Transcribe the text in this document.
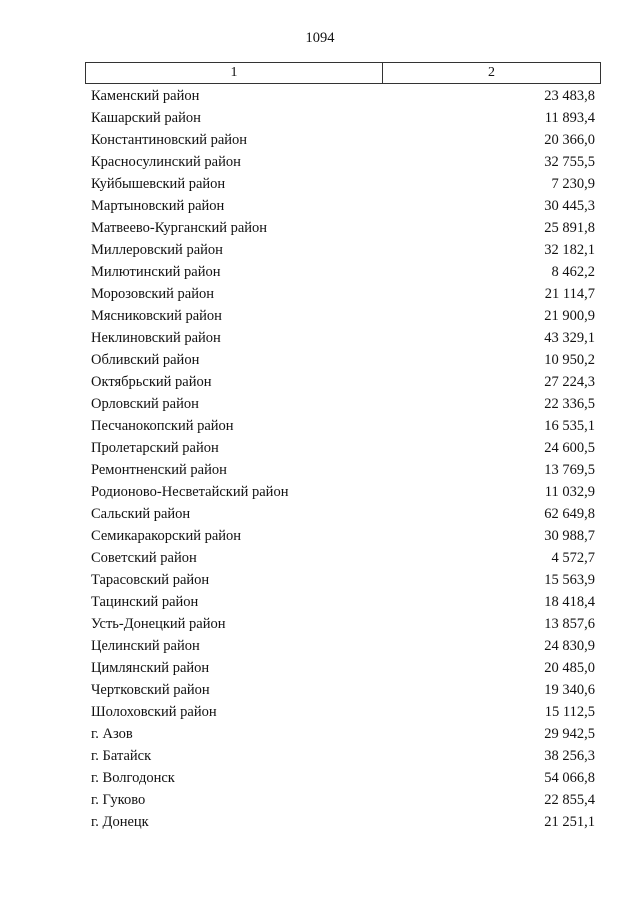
1094
1	2
Каменский район	23 483,8
Кашарский район	11 893,4
Константиновский район	20 366,0
Красносулинский район	32 755,5
Куйбышевский район	7 230,9
Мартыновский район	30 445,3
Матвеево-Курганский район	25 891,8
Миллеровский район	32 182,1
Милютинский район	8 462,2
Морозовский район	21 114,7
Мясниковский район	21 900,9
Неклиновский район	43 329,1
Обливский район	10 950,2
Октябрьский район	27 224,3
Орловский район	22 336,5
Песчанокопский район	16 535,1
Пролетарский район	24 600,5
Ремонтненский район	13 769,5
Родионово-Несветайский район	11 032,9
Сальский район	62 649,8
Семикаракорский район	30 988,7
Советский район	4 572,7
Тарасовский район	15 563,9
Тацинский район	18 418,4
Усть-Донецкий район	13 857,6
Целинский район	24 830,9
Цимлянский район	20 485,0
Чертковский район	19 340,6
Шолоховский район	15 112,5
г. Азов	29 942,5
г. Батайск	38 256,3
г. Волгодонск	54 066,8
г. Гуково	22 855,4
г. Донецк	21 251,1
